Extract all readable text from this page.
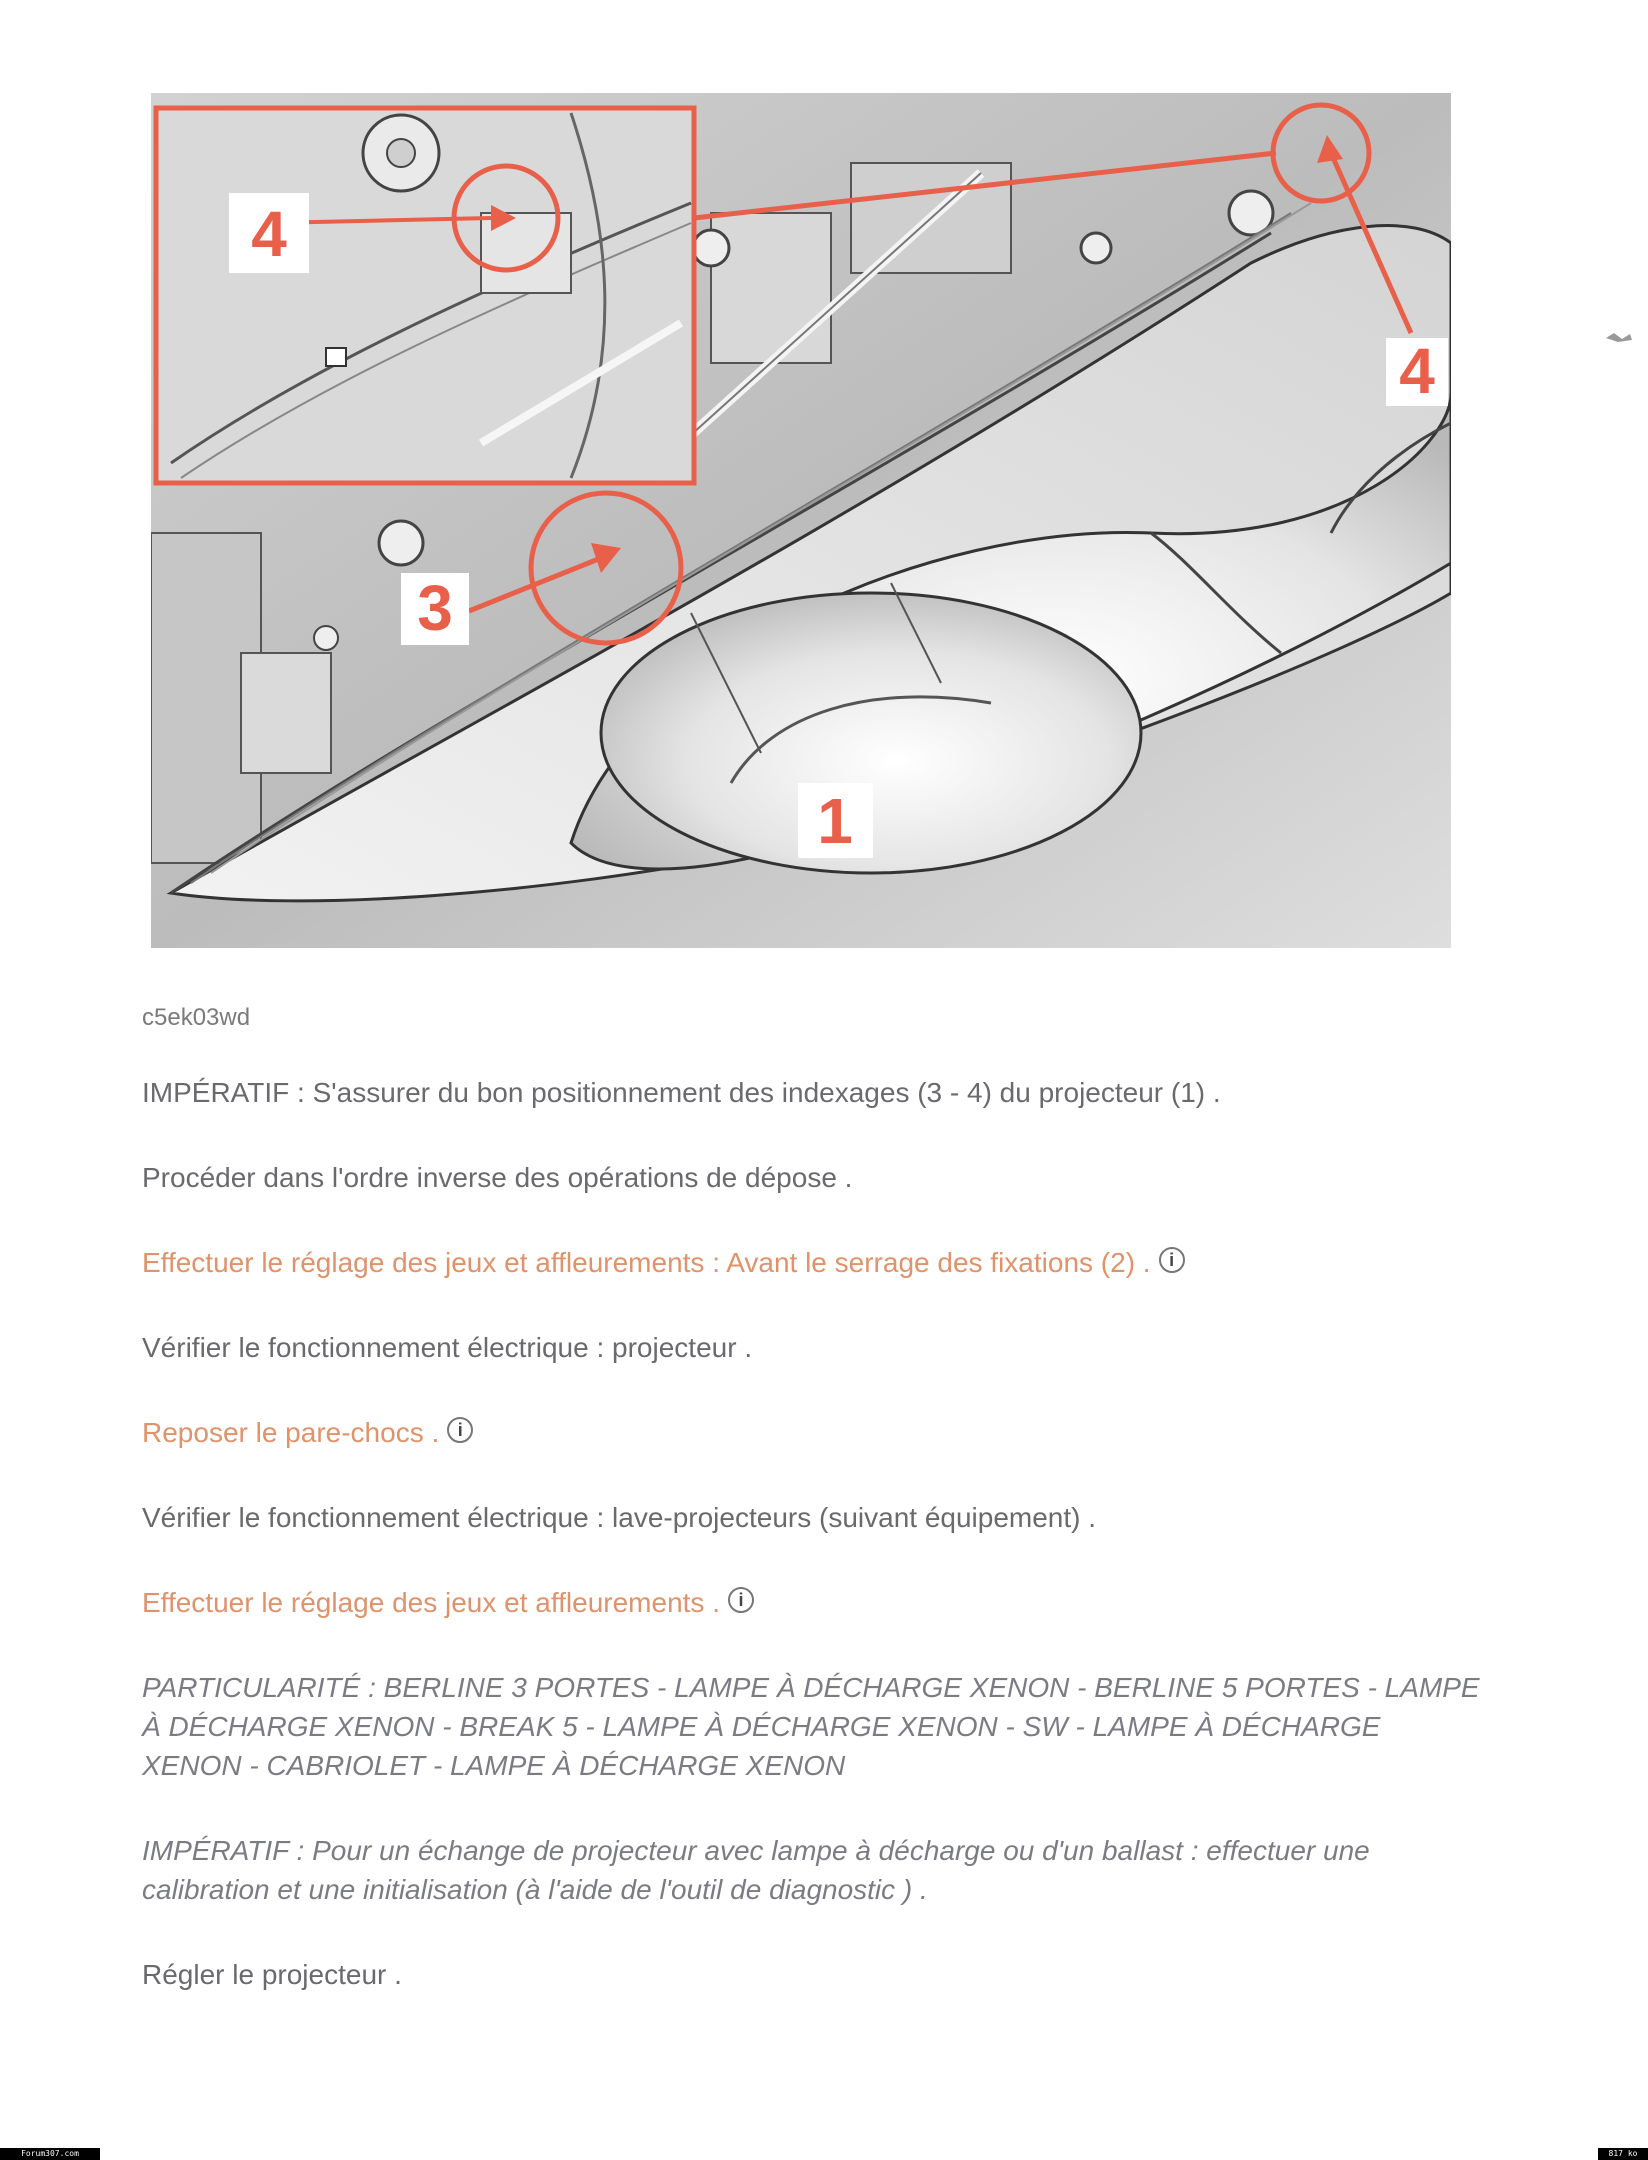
4
4
3
1
c5ek03wd

IMPÉRATIF : S'assurer du bon positionnement des indexages (3 - 4) du projecteur (1) .

Procéder dans l'ordre inverse des opérations de dépose .

Effectuer le réglage des jeux et affleurements : Avant le serrage des fixations (2) . i

Vérifier le fonctionnement électrique : projecteur .

Reposer le pare-chocs . i

Vérifier le fonctionnement électrique : lave-projecteurs (suivant équipement) .

Effectuer le réglage des jeux et affleurements . i

PARTICULARITÉ : BERLINE 3 PORTES - LAMPE À DÉCHARGE XENON - BERLINE 5 PORTES - LAMPE À DÉCHARGE XENON - BREAK 5 - LAMPE À DÉCHARGE XENON - SW - LAMPE À DÉCHARGE XENON - CABRIOLET - LAMPE À DÉCHARGE XENON

IMPÉRATIF : Pour un échange de projecteur avec lampe à décharge ou d'un ballast : effectuer une calibration et une initialisation (à l'aide de l'outil de diagnostic ) .

Régler le projecteur .

Forum307.com	817 ko
